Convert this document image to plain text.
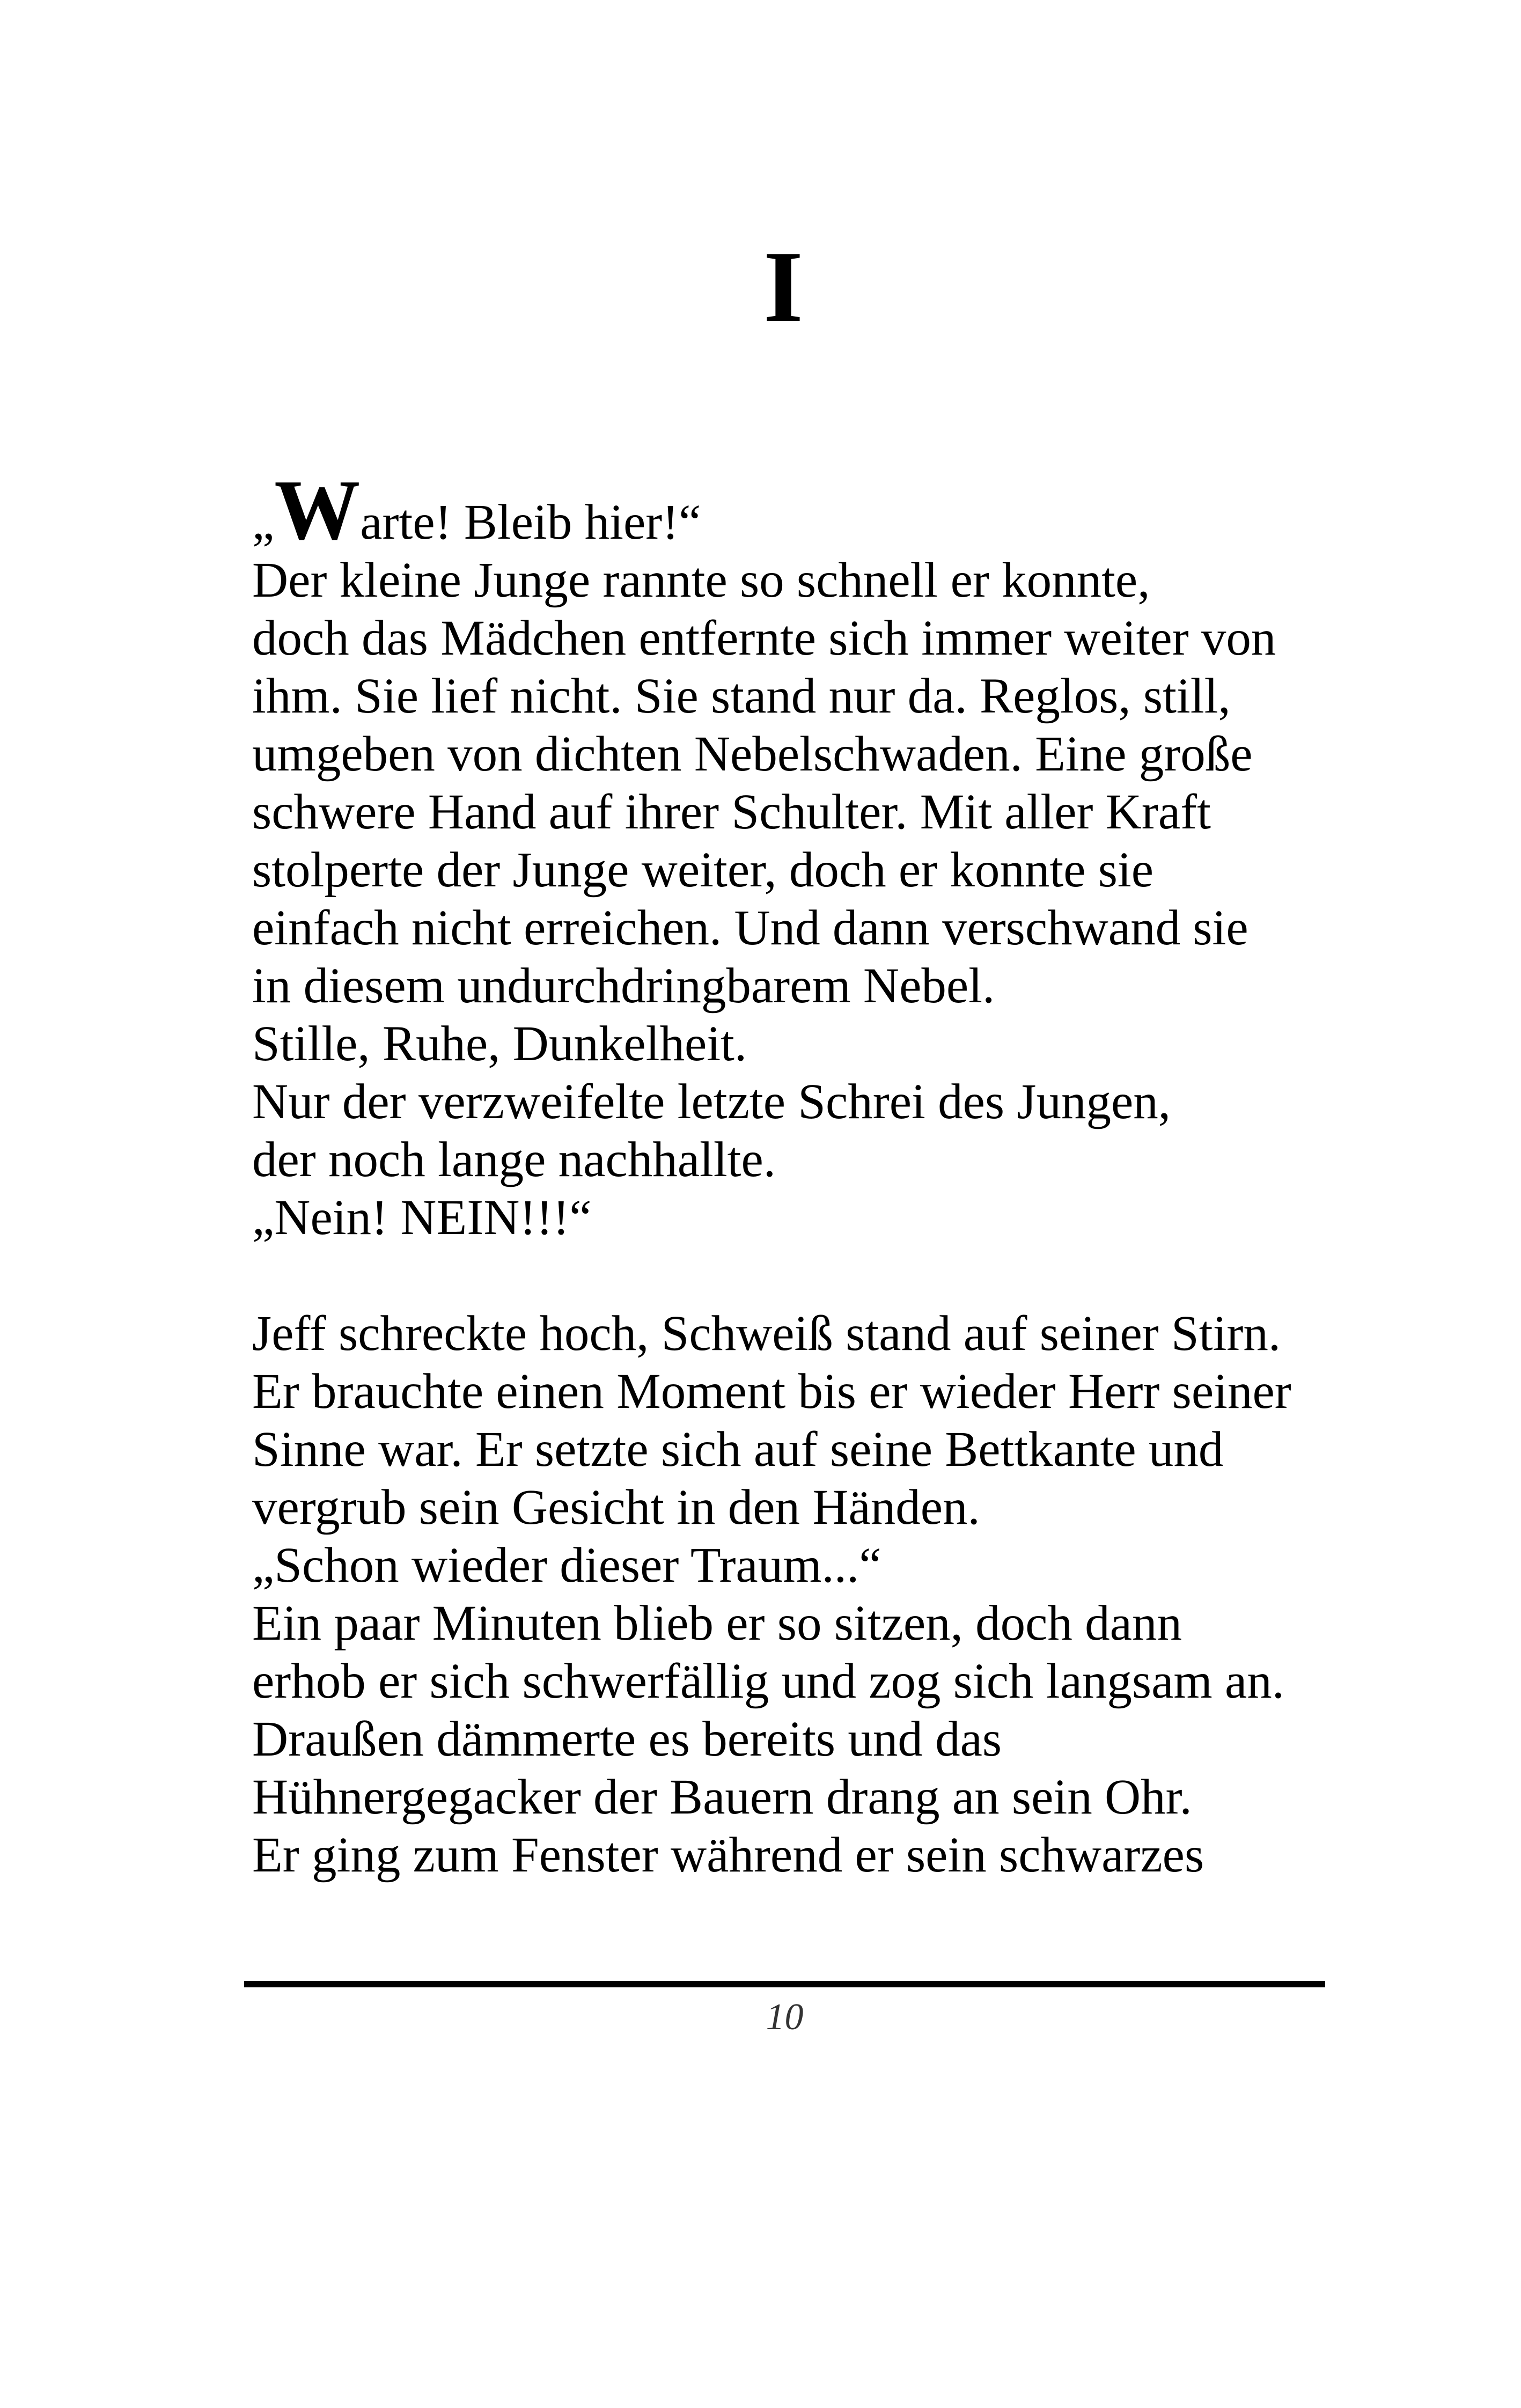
I
„Warte! Bleib hier!“
Der kleine Junge rannte so schnell er konnte,
doch das Mädchen entfernte sich immer weiter von
ihm. Sie lief nicht. Sie stand nur da. Reglos, still,
umgeben von dichten Nebelschwaden. Eine große
schwere Hand auf ihrer Schulter. Mit aller Kraft
stolperte der Junge weiter, doch er konnte sie
einfach nicht erreichen. Und dann verschwand sie
in diesem undurchdringbarem Nebel.
Stille, Ruhe, Dunkelheit.
Nur der verzweifelte letzte Schrei des Jungen,
der noch lange nachhallte.
„Nein! NEIN!!!“
Jeff schreckte hoch, Schweiß stand auf seiner Stirn.
Er brauchte einen Moment bis er wieder Herr seiner
Sinne war. Er setzte sich auf seine Bettkante und
vergrub sein Gesicht in den Händen.
„Schon wieder dieser Traum...“
Ein paar Minuten blieb er so sitzen, doch dann
erhob er sich schwerfällig und zog sich langsam an.
Draußen dämmerte es bereits und das
Hühnergegacker der Bauern drang an sein Ohr.
Er ging zum Fenster während er sein schwarzes
10
